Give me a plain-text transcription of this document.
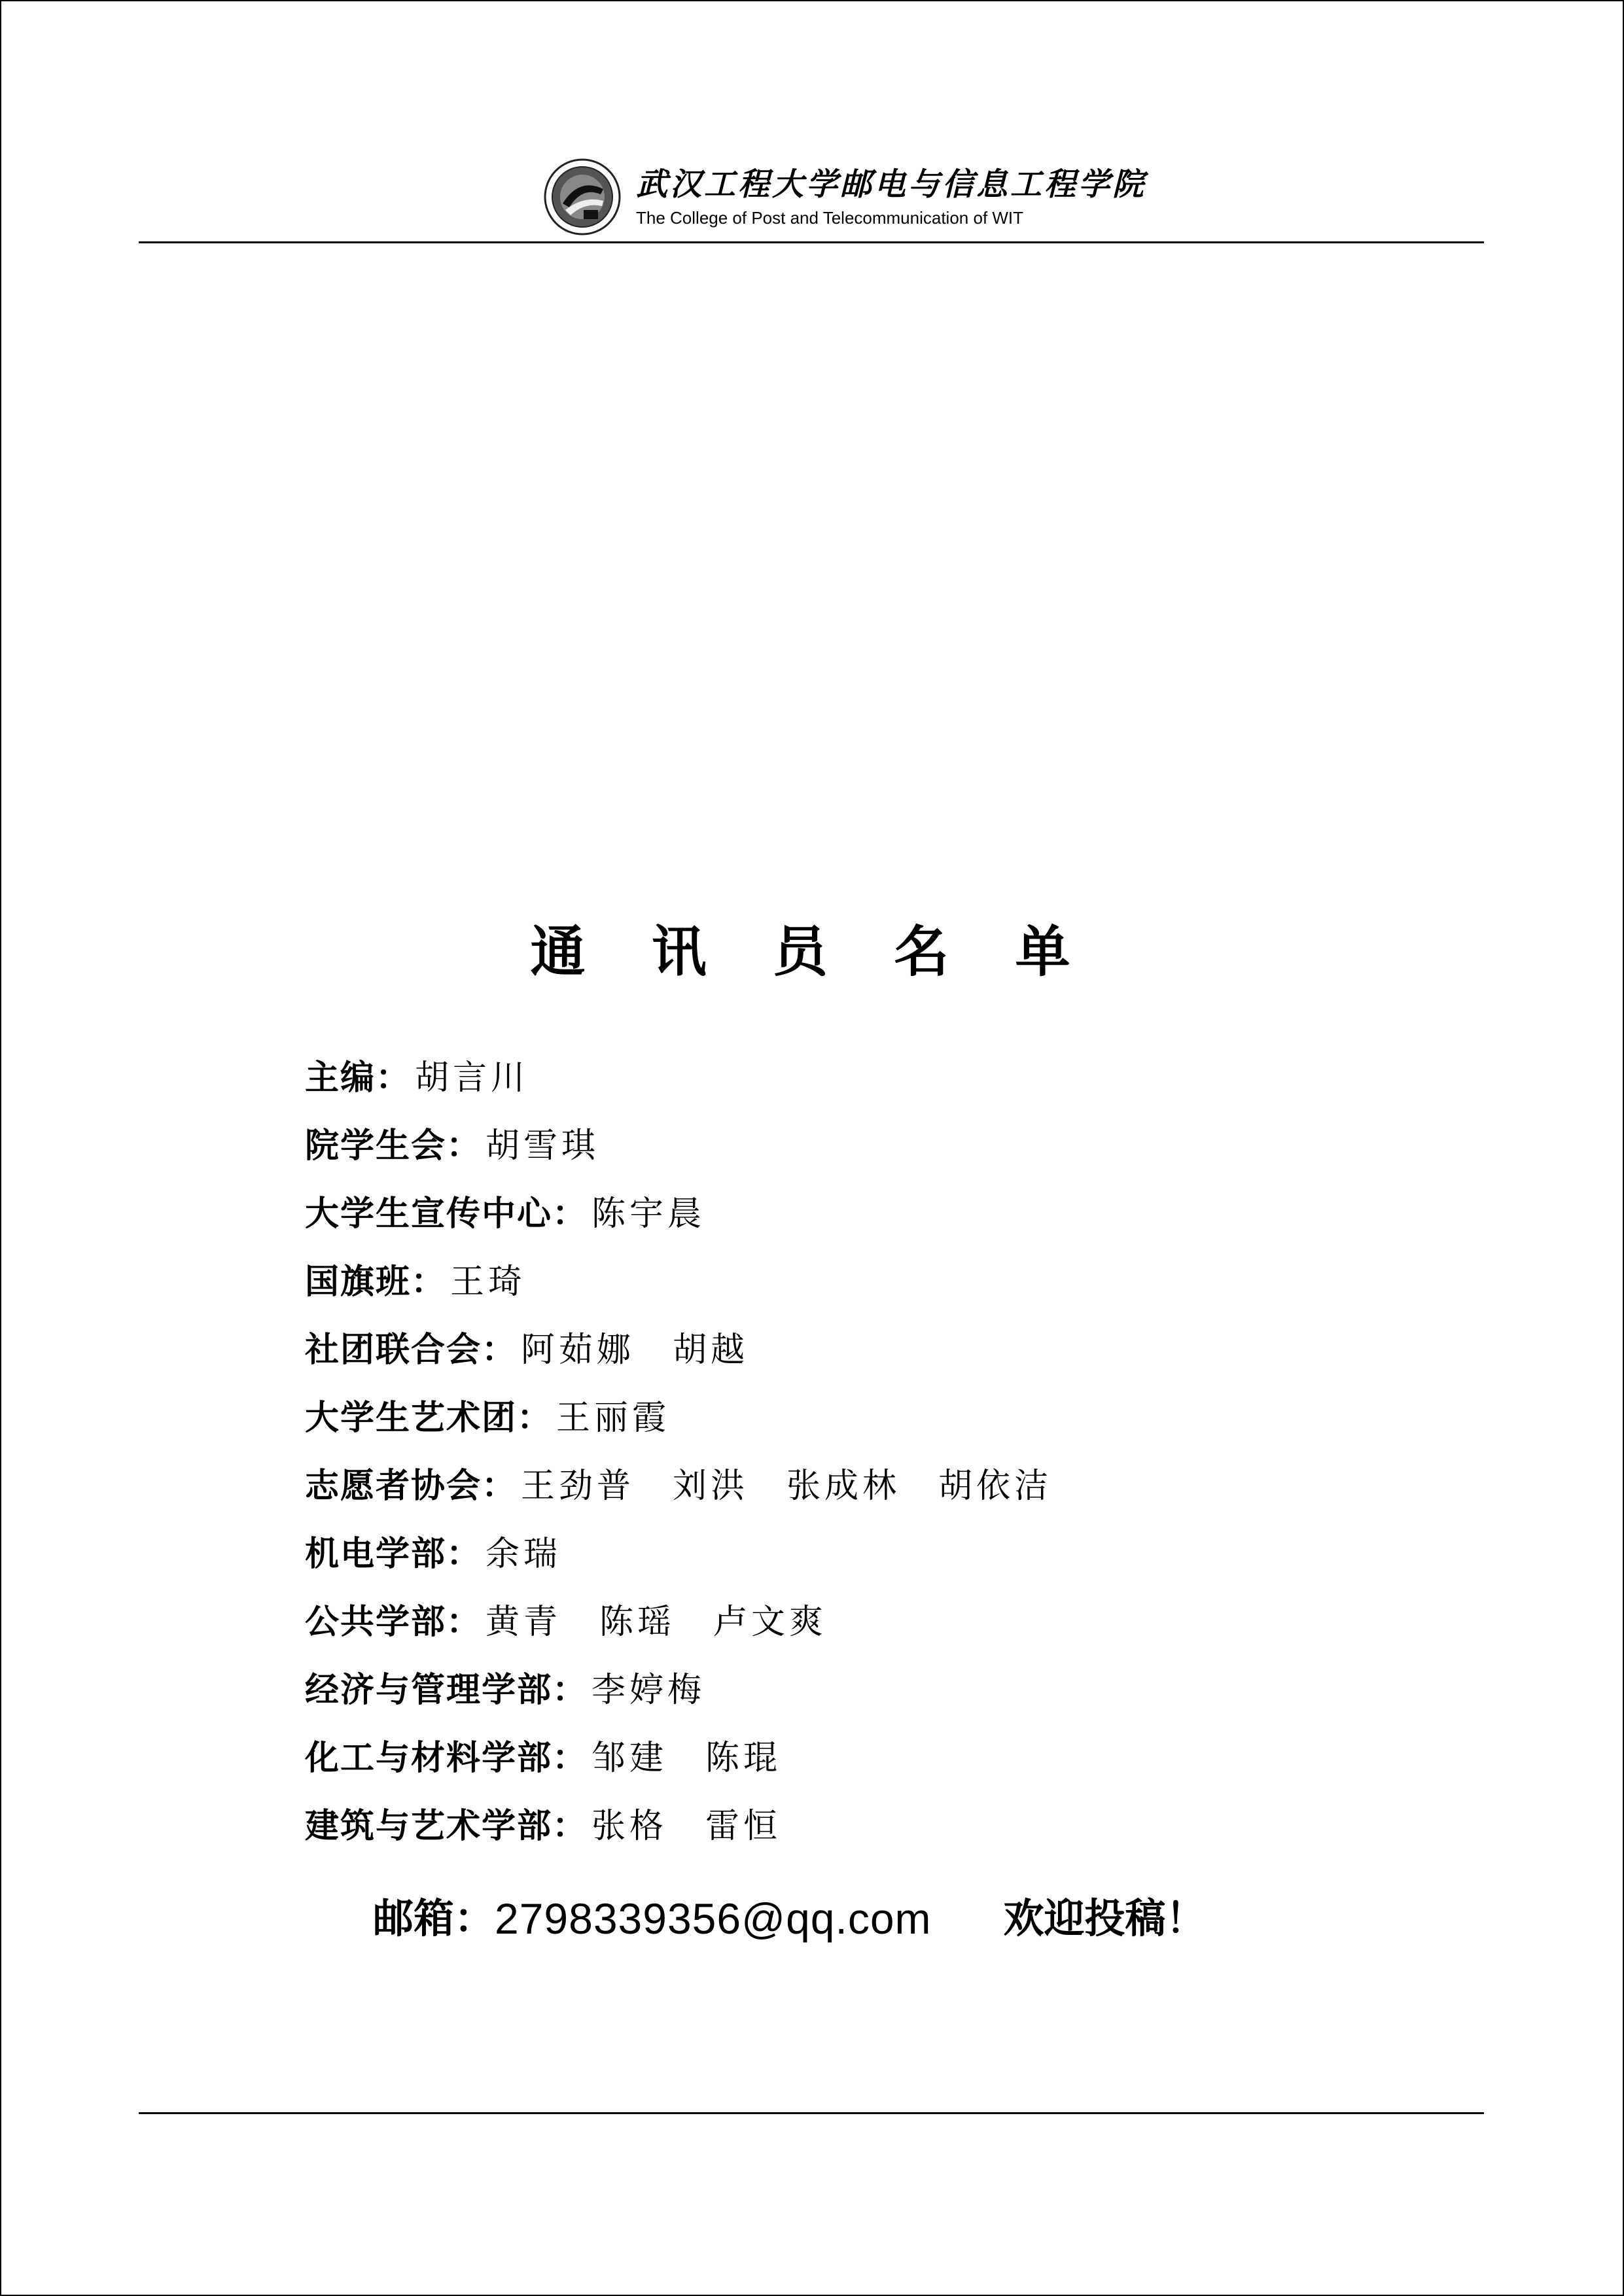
武汉工程大学邮电与信息工程学院
The College of Post and Telecommunication of WIT
通 讯 员 名 单
主编 ： 胡言川
院学生会 ： 胡雪琪
大学生宣传中心 ： 陈宇晨
国旗班 ： 王琦
社团联合会 ： 阿茹娜　胡越
大学生艺术团 ： 王丽霞
志愿者协会 ： 王劲普　刘洪　张成林　胡依洁
机电学部 ： 余瑞
公共学部 ： 黄青　陈瑶　卢文爽
经济与管理学部 ： 李婷梅
化工与材料学部 ： 邹建　陈琨
建筑与艺术学部 ： 张格　雷恒
邮箱： 2798339356@qq.com 欢迎投稿！
